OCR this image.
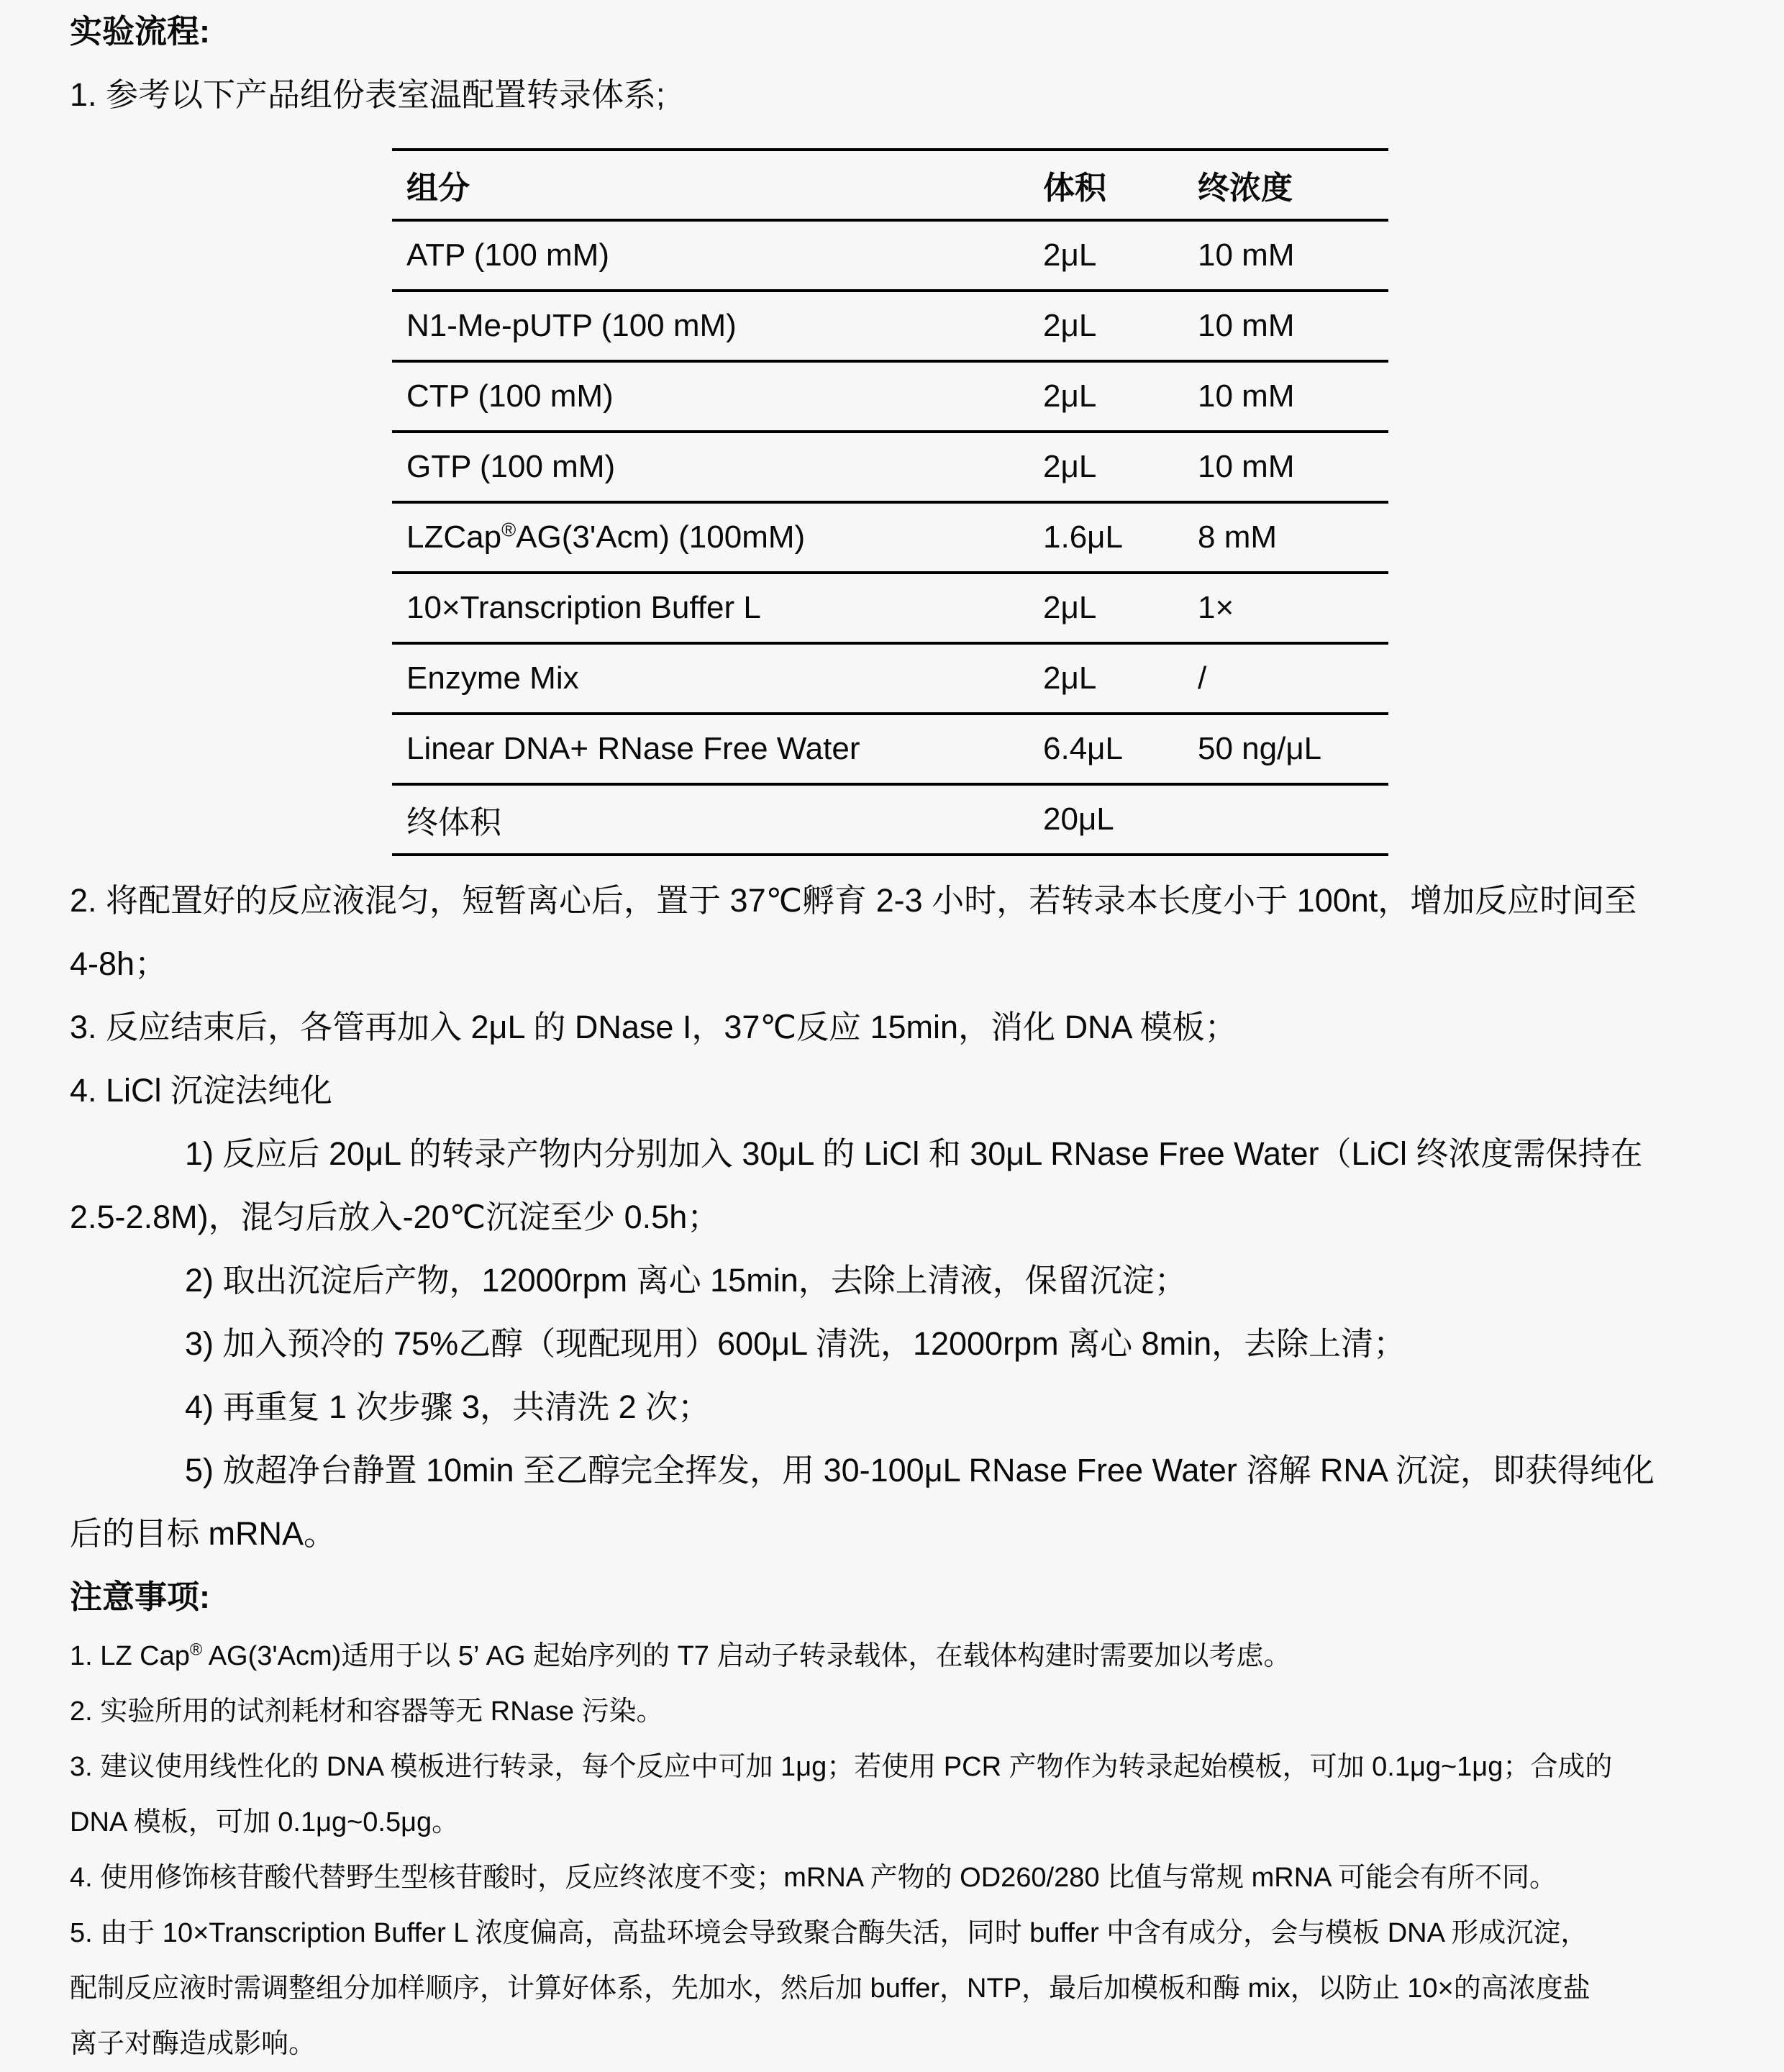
实验流程:
1. 参考以下产品组份表室温配置转录体系;
组分	体积	终浓度
ATP (100 mM)	2μL	10 mM
N1-Me-pUTP (100 mM)	2μL	10 mM
CTP (100 mM)	2μL	10 mM
GTP (100 mM)	2μL	10 mM
LZCap®AG(3'Acm) (100mM)	1.6μL	8 mM
10×Transcription Buffer L	2μL	1×
Enzyme Mix	2μL	/
Linear DNA+ RNase Free Water	6.4μL	50 ng/μL
终体积	20μL	
2. 将配置好的反应液混匀，短暂离心后，置于 37℃孵育 2-3 小时，若转录本长度小于 100nt，增加反应时间至
4-8h；
3. 反应结束后，各管再加入 2μL 的 DNase I，37℃反应 15min，消化 DNA 模板；
4. LiCl 沉淀法纯化
1) 反应后 20μL 的转录产物内分别加入 30μL 的 LiCl 和 30μL RNase Free Water（LiCl 终浓度需保持在
2.5-2.8M)，混匀后放入-20℃沉淀至少 0.5h；
2) 取出沉淀后产物，12000rpm 离心 15min，去除上清液，保留沉淀；
3) 加入预冷的 75%乙醇（现配现用）600μL 清洗，12000rpm 离心 8min，去除上清；
4) 再重复 1 次步骤 3，共清洗 2 次；
5) 放超净台静置 10min 至乙醇完全挥发，用 30-100μL RNase Free Water 溶解 RNA 沉淀，即获得纯化
后的目标 mRNA。
注意事项:
1. LZ Cap® AG(3'Acm)适用于以 5’ AG 起始序列的 T7 启动子转录载体，在载体构建时需要加以考虑。
2. 实验所用的试剂耗材和容器等无 RNase 污染。
3. 建议使用线性化的 DNA 模板进行转录，每个反应中可加 1μg；若使用 PCR 产物作为转录起始模板，可加 0.1μg~1μg；合成的
DNA 模板，可加 0.1μg~0.5μg。
4. 使用修饰核苷酸代替野生型核苷酸时，反应终浓度不变；mRNA 产物的 OD260/280 比值与常规 mRNA 可能会有所不同。
5. 由于 10×Transcription Buffer L 浓度偏高，高盐环境会导致聚合酶失活，同时 buffer 中含有成分，会与模板 DNA 形成沉淀，
配制反应液时需调整组分加样顺序，计算好体系，先加水，然后加 buffer，NTP，最后加模板和酶 mix，以防止 10×的高浓度盐
离子对酶造成影响。
